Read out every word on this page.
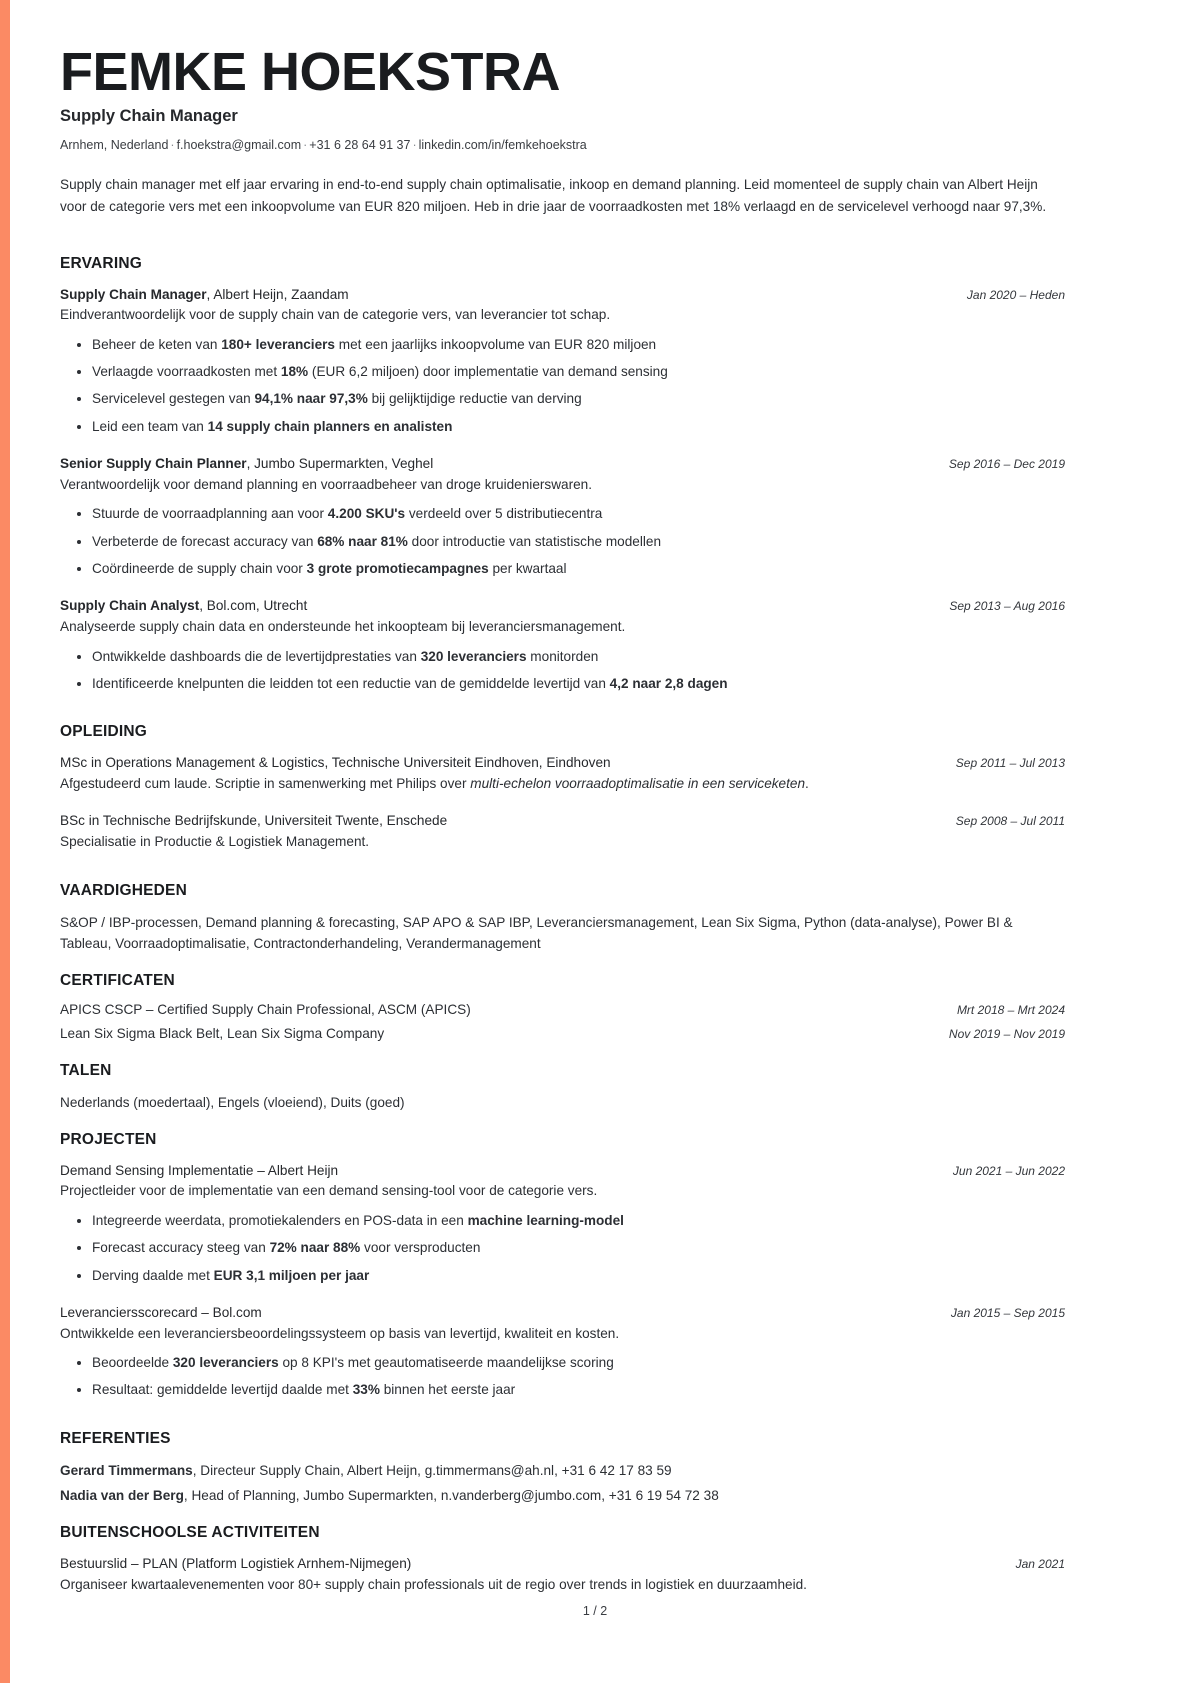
FEMKE HOEKSTRA
Supply Chain Manager
Arnhem, Nederland · f.hoekstra@gmail.com · +31 6 28 64 91 37 · linkedin.com/in/femkehoekstra

Supply chain manager met elf jaar ervaring in end-to-end supply chain optimalisatie, inkoop en demand planning. Leid momenteel de supply chain van Albert Heijn voor de categorie vers met een inkoopvolume van EUR 820 miljoen. Heb in drie jaar de voorraadkosten met 18% verlaagd en de servicelevel verhoogd naar 97,3%.

ERVARING
Supply Chain Manager, Albert Heijn, Zaandam	Jan 2020 – Heden
Eindverantwoordelijk voor de supply chain van de categorie vers, van leverancier tot schap.
Beheer de keten van 180+ leveranciers met een jaarlijks inkoopvolume van EUR 820 miljoen
Verlaagde voorraadkosten met 18% (EUR 6,2 miljoen) door implementatie van demand sensing
Servicelevel gestegen van 94,1% naar 97,3% bij gelijktijdige reductie van derving
Leid een team van 14 supply chain planners en analisten
Senior Supply Chain Planner, Jumbo Supermarkten, Veghel	Sep 2016 – Dec 2019
Verantwoordelijk voor demand planning en voorraadbeheer van droge kruidenierswaren.
Stuurde de voorraadplanning aan voor 4.200 SKU's verdeeld over 5 distributiecentra
Verbeterde de forecast accuracy van 68% naar 81% door introductie van statistische modellen
Coördineerde de supply chain voor 3 grote promotiecampagnes per kwartaal
Supply Chain Analyst, Bol.com, Utrecht	Sep 2013 – Aug 2016
Analyseerde supply chain data en ondersteunde het inkoopteam bij leveranciersmanagement.
Ontwikkelde dashboards die de levertijdprestaties van 320 leveranciers monitorden
Identificeerde knelpunten die leidden tot een reductie van de gemiddelde levertijd van 4,2 naar 2,8 dagen
OPLEIDING
MSc in Operations Management & Logistics, Technische Universiteit Eindhoven, Eindhoven	Sep 2011 – Jul 2013
Afgestudeerd cum laude. Scriptie in samenwerking met Philips over multi-echelon voorraadoptimalisatie in een serviceketen.
BSc in Technische Bedrijfskunde, Universiteit Twente, Enschede	Sep 2008 – Jul 2011
Specialisatie in Productie & Logistiek Management.
VAARDIGHEDEN
S&OP / IBP-processen, Demand planning & forecasting, SAP APO & SAP IBP, Leveranciersmanagement, Lean Six Sigma, Python (data-analyse), Power BI & Tableau, Voorraadoptimalisatie, Contractonderhandeling, Verandermanagement
CERTIFICATEN
APICS CSCP – Certified Supply Chain Professional, ASCM (APICS)	Mrt 2018 – Mrt 2024
Lean Six Sigma Black Belt, Lean Six Sigma Company	Nov 2019 – Nov 2019
TALEN
Nederlands (moedertaal), Engels (vloeiend), Duits (goed)
PROJECTEN
Demand Sensing Implementatie – Albert Heijn	Jun 2021 – Jun 2022
Projectleider voor de implementatie van een demand sensing-tool voor de categorie vers.
Integreerde weerdata, promotiekalenders en POS-data in een machine learning-model
Forecast accuracy steeg van 72% naar 88% voor versproducten
Derving daalde met EUR 3,1 miljoen per jaar
Leveranciersscorecard – Bol.com	Jan 2015 – Sep 2015
Ontwikkelde een leveranciersbeoordelingssysteem op basis van levertijd, kwaliteit en kosten.
Beoordeelde 320 leveranciers op 8 KPI's met geautomatiseerde maandelijkse scoring
Resultaat: gemiddelde levertijd daalde met 33% binnen het eerste jaar
REFERENTIES
Gerard Timmermans, Directeur Supply Chain, Albert Heijn, g.timmermans@ah.nl, +31 6 42 17 83 59
Nadia van der Berg, Head of Planning, Jumbo Supermarkten, n.vanderberg@jumbo.com, +31 6 19 54 72 38
BUITENSCHOOLSE ACTIVITEITEN
Bestuurslid – PLAN (Platform Logistiek Arnhem-Nijmegen)	Jan 2021
Organiseer kwartaalevenementen voor 80+ supply chain professionals uit de regio over trends in logistiek en duurzaamheid.
1 / 2
